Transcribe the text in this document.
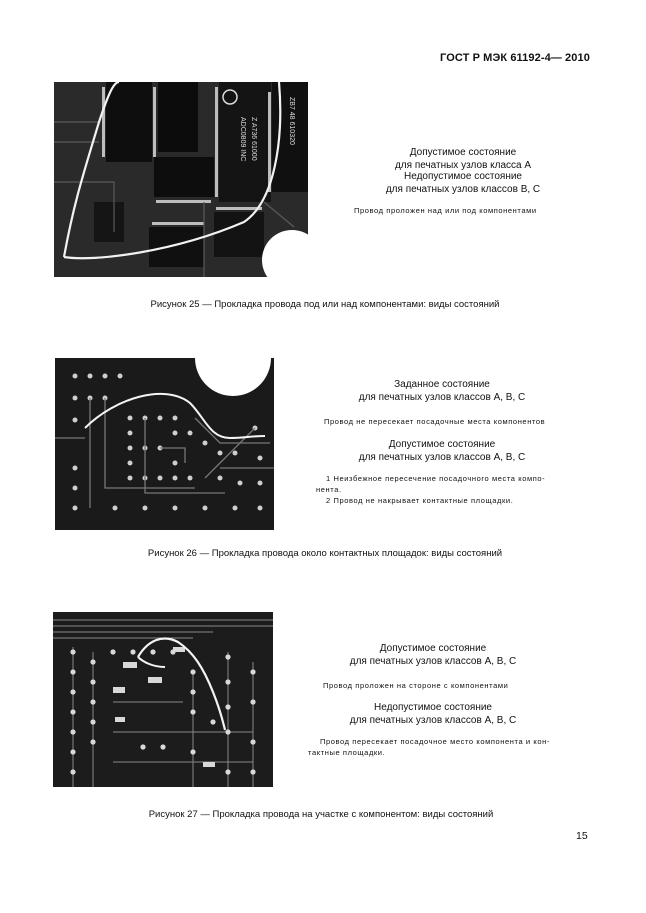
ГОСТ Р МЭК 61192-4— 2010
ZB7 48 610320
ADC0809 INC Z A736 61000	Допустимое состояние
для печатных узлов класса А
Недопустимое состояние
для печатных узлов классов В, С
Провод проложен над или под компонентами
Рисунок 25 — Прокладка провода под или над компонентами: виды состояний
Заданное состояние
для печатных узлов классов А, В, С
Провод не пересекает посадочные места компонентов
Допустимое состояние
для печатных узлов классов А, В, С
1 Неизбежное пересечение посадочного места компо-
нента.
2 Провод не накрывает контактные площадки.
Рисунок 26 — Прокладка провода около контактных площадок: виды состояний
Допустимое состояние
для печатных узлов классов А, В, С
Провод проложен на стороне с компонентами
Недопустимое состояние
для печатных узлов классов А, В, С
Провод пересекает посадочное место компонента и кон-
тактные площадки.
Рисунок 27 — Прокладка провода на участке с компонентом: виды состояний
15
